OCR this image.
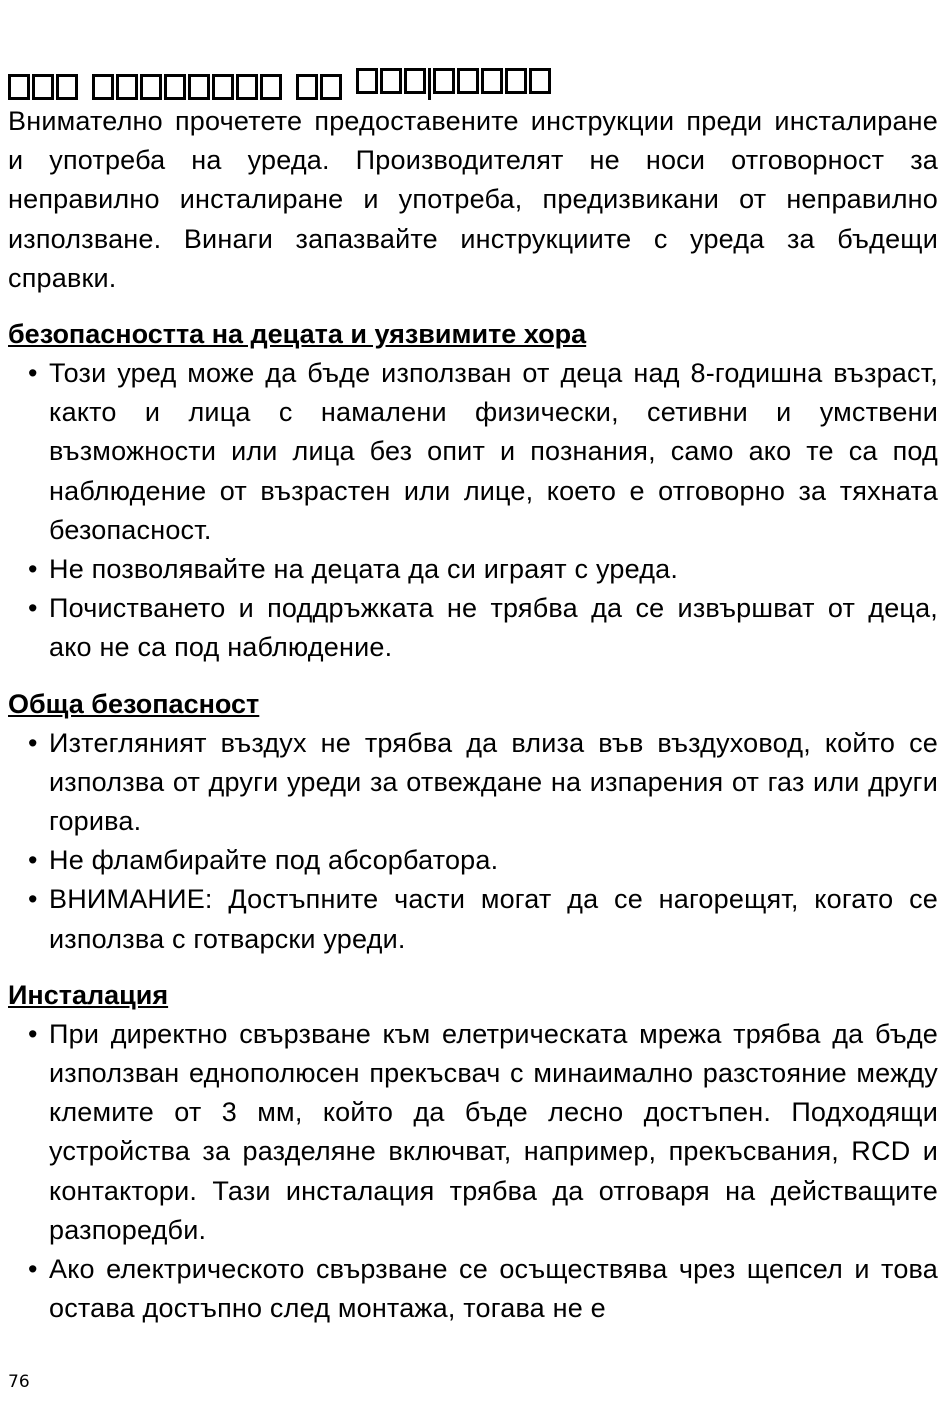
Внимателно прочетете предоставените инструкции преди инсталиране и употреба на уреда. Производителят не носи отговорност за неправилно инсталиране и употреба, предизвикани от неправилно използване. Винаги запазвайте инструкциите с уреда за бъдещи справки.

безопасността на децата и уязвимите хора
• Този уред може да бъде използван от деца над 8-годишна възраст, както и лица с намалени физически, сетивни и умствени възможности или лица без опит и познания, само ако те са под наблюдение от възрастен или лице, което е отговорно за тяхната безопасност.
• Не позволявайте на децата да си играят с уреда.
• Почистването и поддръжката не трябва да се извършват от деца, ако не са под наблюдение.
Обща безопасност
• Изтегляният въздух не трябва да влиза във въздуховод, който се използва от други уреди за отвеждане на изпарения от газ или други горива.
• Не фламбирайте под абсорбатора.
• ВНИМАНИЕ: Достъпните части могат да се нагорещят, когато се използва с готварски уреди.
Инсталация
• При директно свързване към елетрическата мрежа трябва да бъде използван еднополюсен прекъсвач с минаимално разстояние между клемите от 3 мм, който да бъде лесно достъпен. Подходящи устройства за разделяне включват, например, прекъсвания, RCD и контактори. Тази инсталация трябва да отговаря на действащите разпоредби.
• Ако електрическото свързване се осъществява чрез щепсел и това остава достъпно след монтажа, тогава не е
76
